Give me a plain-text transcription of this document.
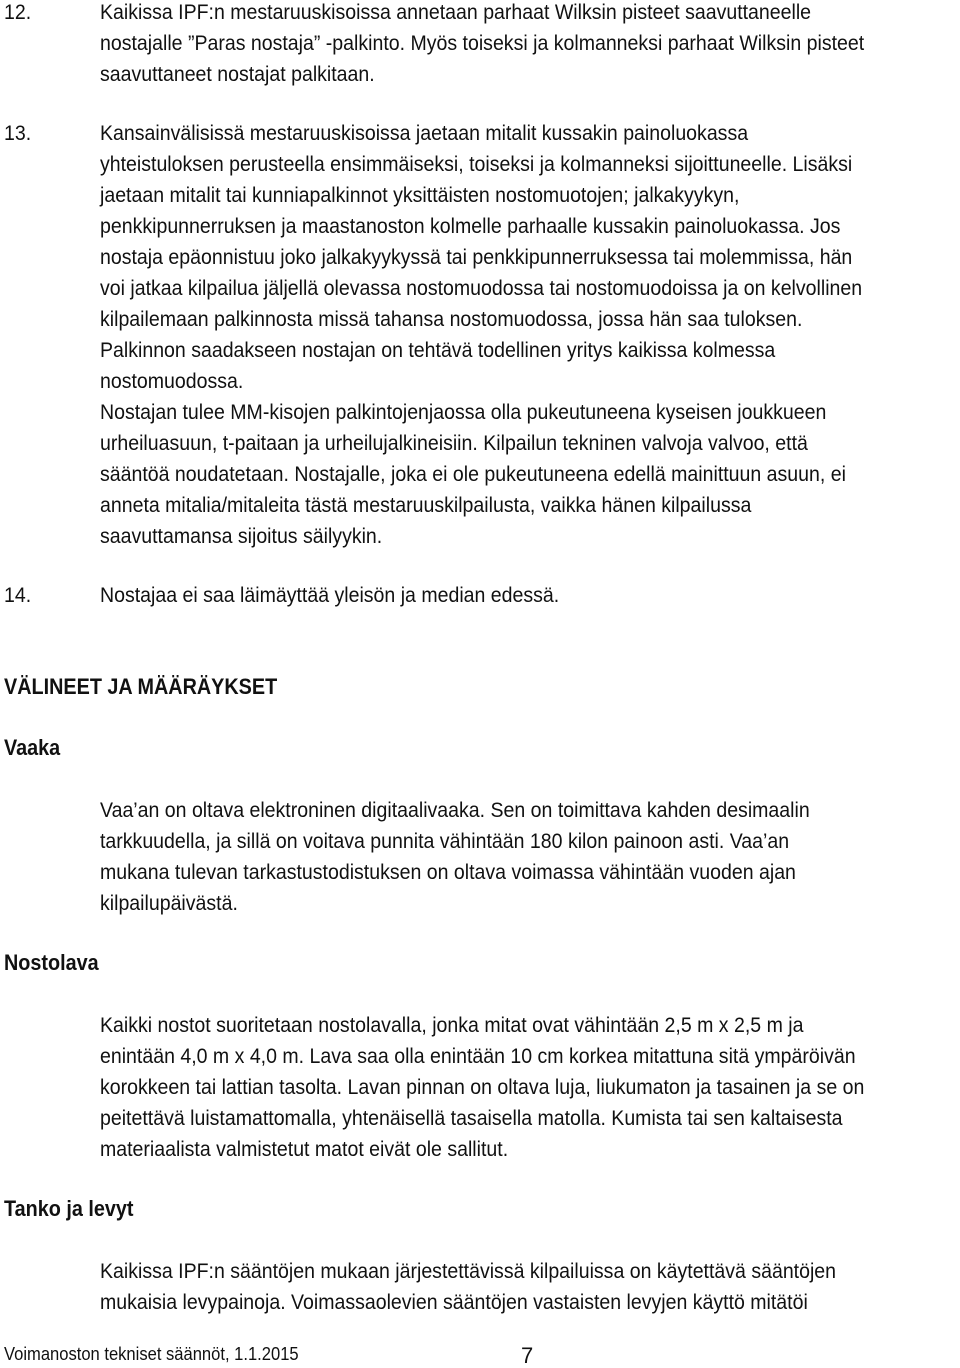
12.	Kaikissa IPF:n mestaruuskisoissa annetaan parhaat Wilksin pisteet saavuttaneelle
nostajalle ”Paras nostaja” -palkinto. Myös toiseksi ja kolmanneksi parhaat Wilksin pisteet
saavuttaneet nostajat palkitaan.
13.	Kansainvälisissä mestaruuskisoissa jaetaan mitalit kussakin painoluokassa
yhteistuloksen perusteella ensimmäiseksi, toiseksi ja kolmanneksi sijoittuneelle. Lisäksi
jaetaan mitalit tai kunniapalkinnot yksittäisten nostomuotojen; jalkakyykyn,
penkkipunnerruksen ja maastanoston kolmelle parhaalle kussakin painoluokassa. Jos
nostaja epäonnistuu joko jalkakyykyssä tai penkkipunnerruksessa tai molemmissa, hän
voi jatkaa kilpailua jäljellä olevassa nostomuodossa tai nostomuodoissa ja on kelvollinen
kilpailemaan palkinnosta missä tahansa nostomuodossa, jossa hän saa tuloksen.
Palkinnon saadakseen nostajan on tehtävä todellinen yritys kaikissa kolmessa
nostomuodossa.
Nostajan tulee MM-kisojen palkintojenjaossa olla pukeutuneena kyseisen joukkueen
urheiluasuun, t-paitaan ja urheilujalkineisiin. Kilpailun tekninen valvoja valvoo, että
sääntöä noudatetaan. Nostajalle, joka ei ole pukeutuneena edellä mainittuun asuun, ei
anneta mitalia/mitaleita tästä mestaruuskilpailusta, vaikka hänen kilpailussa
saavuttamansa sijoitus säilyykin.
14.	Nostajaa ei saa läimäyttää yleisön ja median edessä.
VÄLINEET JA MÄÄRÄYKSET
Vaaka
Vaa’an on oltava elektroninen digitaalivaaka. Sen on toimittava kahden desimaalin
tarkkuudella, ja sillä on voitava punnita vähintään 180 kilon painoon asti. Vaa’an
mukana tulevan tarkastustodistuksen on oltava voimassa vähintään vuoden ajan
kilpailupäivästä.
Nostolava
Kaikki nostot suoritetaan nostolavalla, jonka mitat ovat vähintään 2,5 m x 2,5 m ja
enintään 4,0 m x 4,0 m. Lava saa olla enintään 10 cm korkea mitattuna sitä ympäröivän
korokkeen tai lattian tasolta. Lavan pinnan on oltava luja, liukumaton ja tasainen ja se on
peitettävä luistamattomalla, yhtenäisellä tasaisella matolla. Kumista tai sen kaltaisesta
materiaalista valmistetut matot eivät ole sallitut.
Tanko ja levyt
Kaikissa IPF:n sääntöjen mukaan järjestettävissä kilpailuissa on käytettävä sääntöjen
mukaisia levypainoja. Voimassaolevien sääntöjen vastaisten levyjen käyttö mitätöi
Voimanoston tekniset säännöt, 1.1.2015	7
